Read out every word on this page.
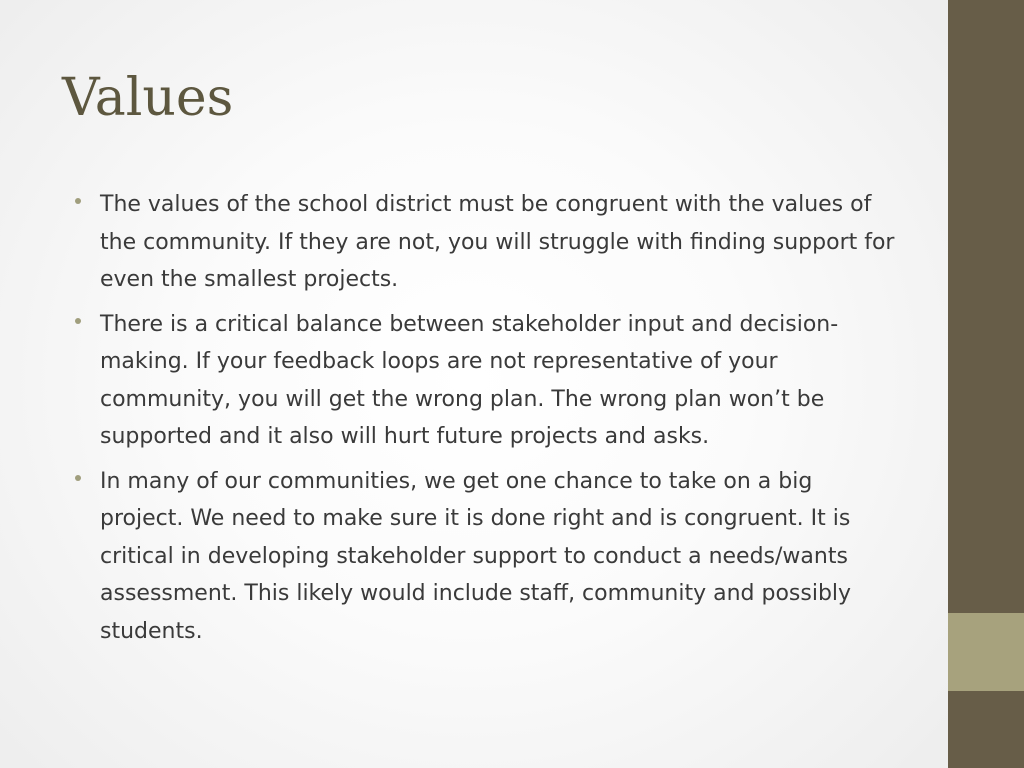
Values
The values of the school district must be congruent with the values of the community. If they are not, you will struggle with finding support for even the smallest projects.
There is a critical balance between stakeholder input and decision-making. If your feedback loops are not representative of your community, you will get the wrong plan. The wrong plan won’t be supported and it also will hurt future projects and asks.
In many of our communities, we get one chance to take on a big project. We need to make sure it is done right and is congruent. It is critical in developing stakeholder support to conduct a needs/wants assessment. This likely would include staff, community and possibly students.
